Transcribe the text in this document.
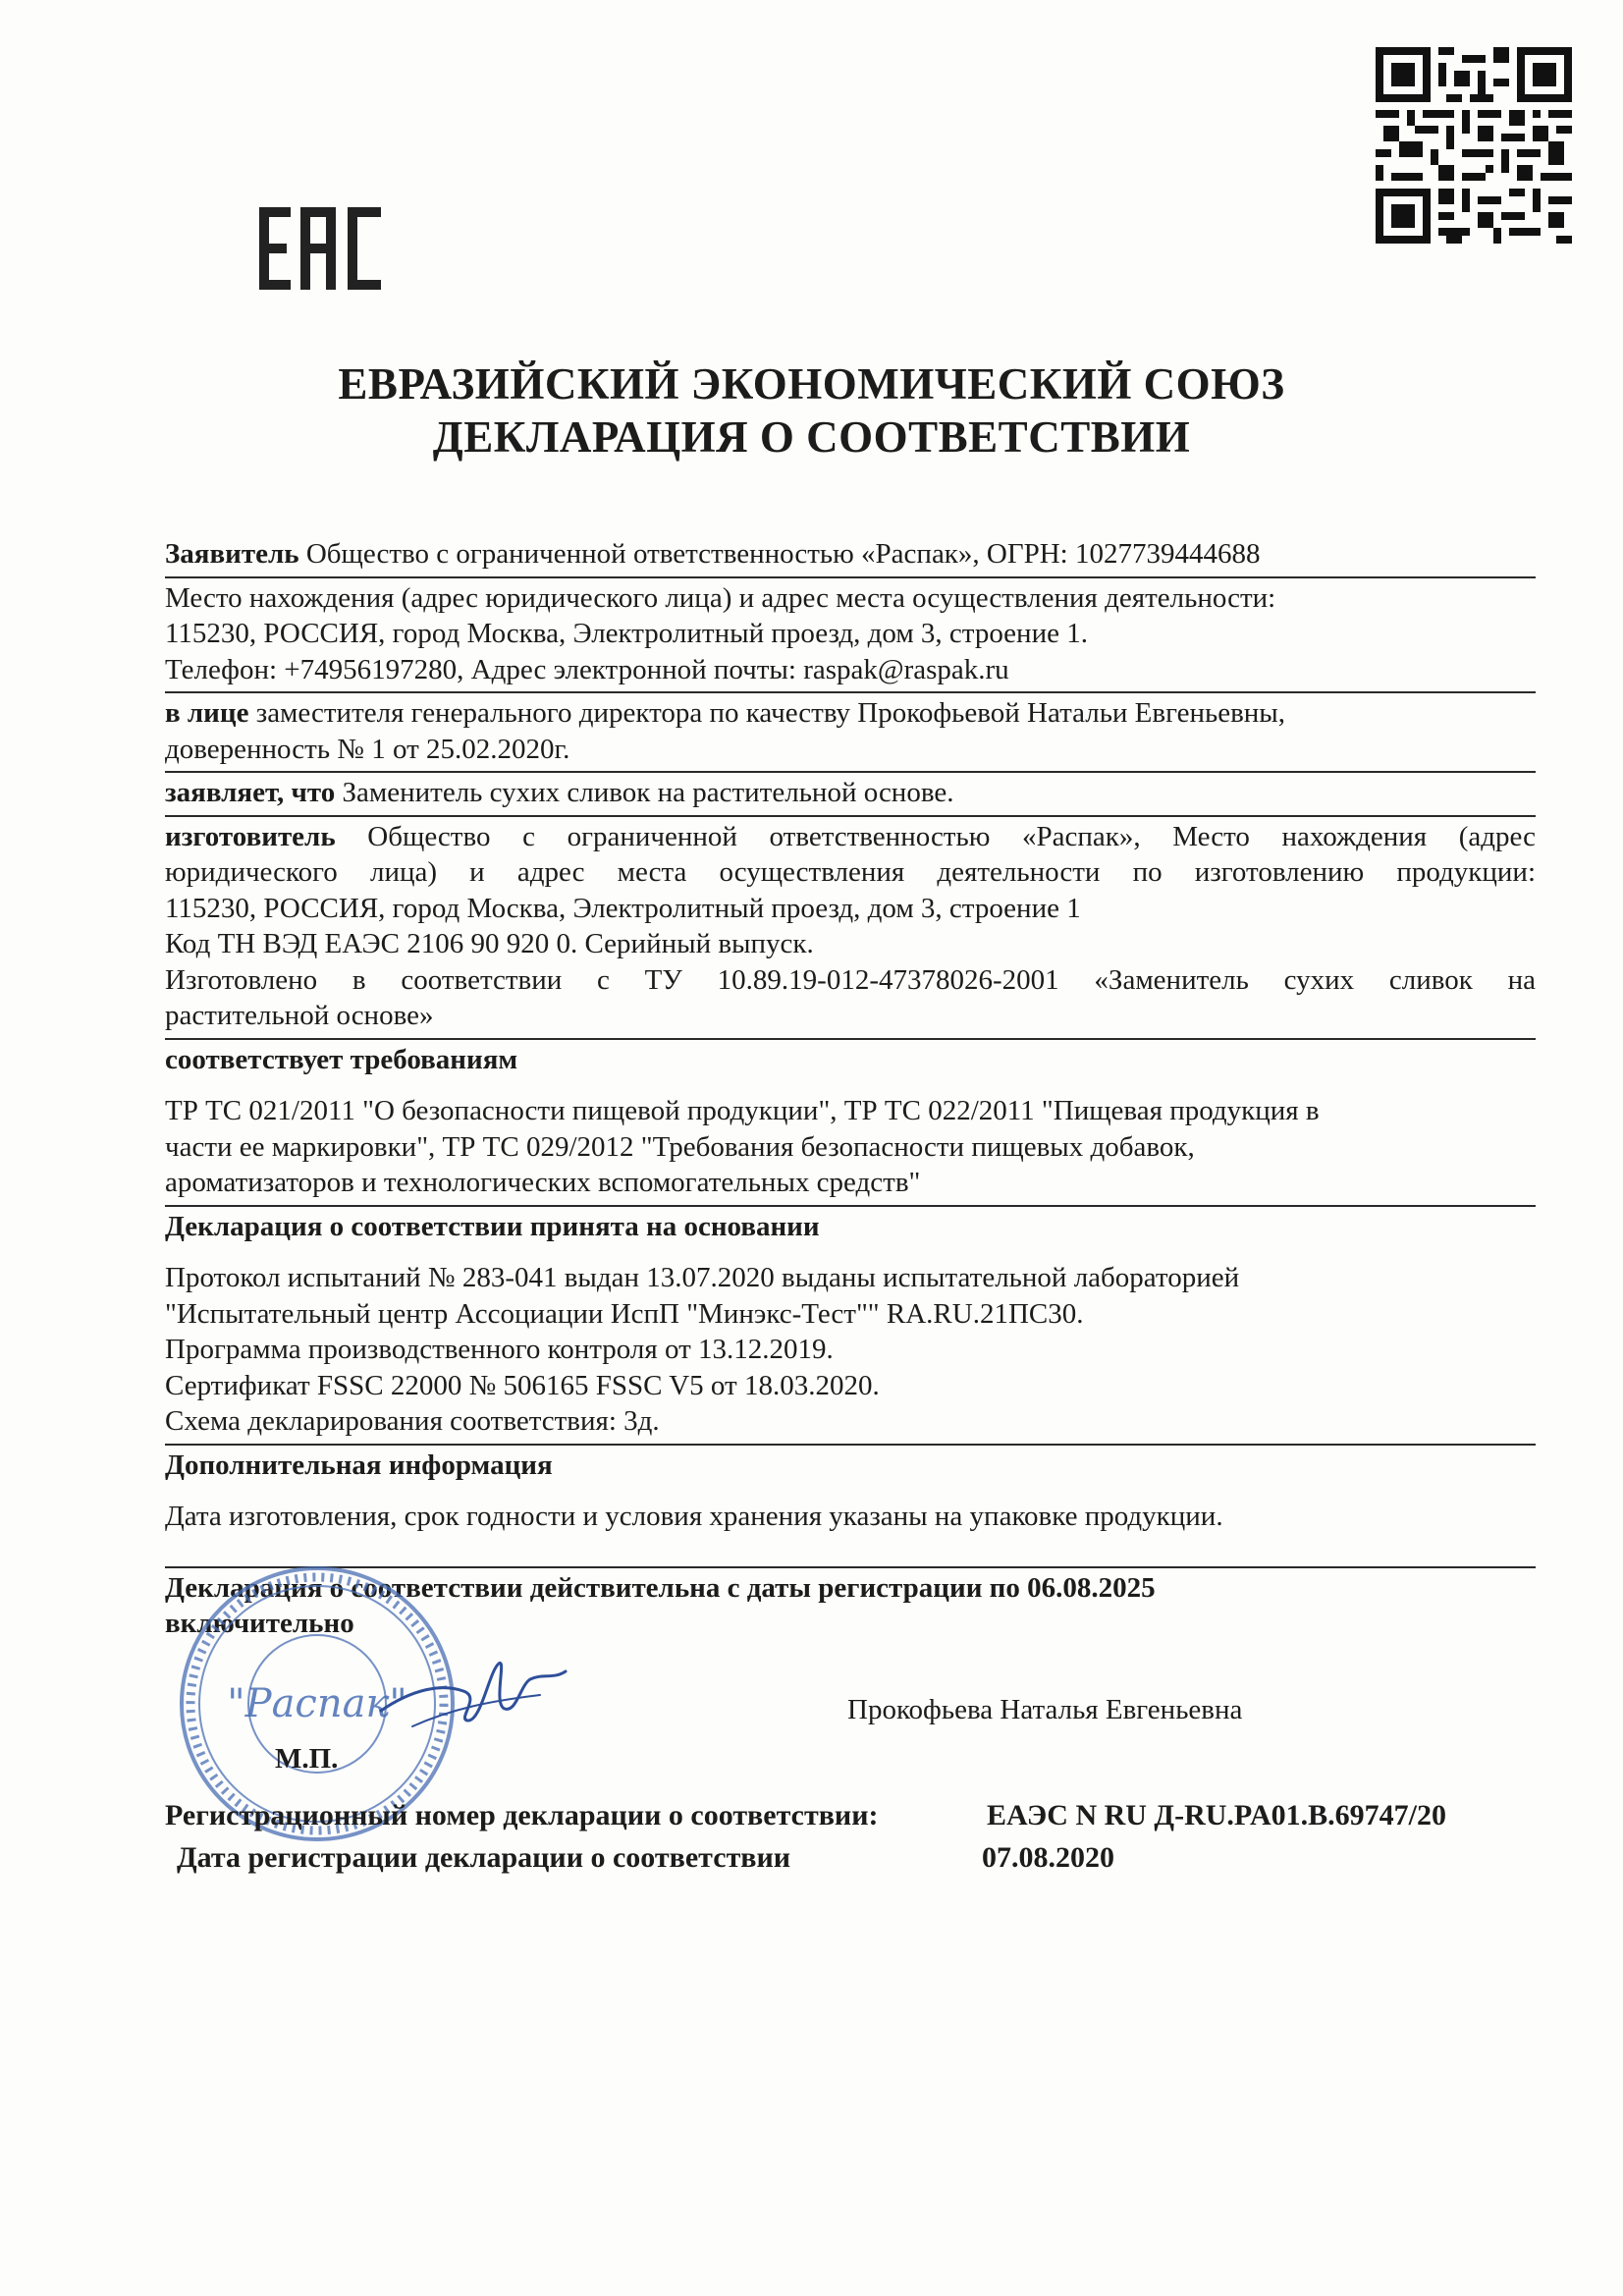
ЕВРАЗИЙСКИЙ ЭКОНОМИЧЕСКИЙ СОЮЗ
ДЕКЛАРАЦИЯ О СООТВЕТСТВИИ
Заявитель Общество с ограниченной ответственностью «Распак», ОГРН: 1027739444688
Место нахождения (адрес юридического лица) и адрес места осуществления деятельности:
115230, РОССИЯ, город Москва, Электролитный проезд, дом 3, строение 1.
Телефон: +74956197280, Адрес электронной почты: raspak@raspak.ru
в лице заместителя генерального директора по качеству Прокофьевой Натальи Евгеньевны,
доверенность № 1 от 25.02.2020г.
заявляет, что Заменитель сухих сливок на растительной основе.
изготовитель Общество с ограниченной ответственностью «Распак», Место нахождения (адрес
юридического лица) и адрес места осуществления деятельности по изготовлению продукции:
115230, РОССИЯ, город Москва, Электролитный проезд, дом 3, строение 1
Код ТН ВЭД ЕАЭС 2106 90 920 0. Серийный выпуск.
Изготовлено в соответствии с ТУ 10.89.19-012-47378026-2001 «Заменитель сухих сливок на
растительной основе»
соответствует требованиям
ТР ТС 021/2011 "О безопасности пищевой продукции", ТР ТС 022/2011 "Пищевая продукция в
части ее маркировки", ТР ТС 029/2012 "Требования безопасности пищевых добавок,
ароматизаторов и технологических вспомогательных средств"
Декларация о соответствии принята на основании
Протокол испытаний № 283-041 выдан 13.07.2020 выданы испытательной лабораторией
"Испытательный центр Ассоциации ИспП "Минэкс-Тест"" RA.RU.21ПС30.
Программа производственного контроля от 13.12.2019.
Сертификат FSSC 22000 № 506165 FSSC V5 от 18.03.2020.
Схема декларирования соответствия: 3д.
Дополнительная информация
Дата изготовления, срок годности и условия хранения указаны на упаковке продукции.
Декларация о соответствии действительна с даты регистрации по 06.08.2025
включительно
"Распак"	Прокофьева Наталья Евгеньевна
М.П.
Регистрационный номер декларации о соответствии:	ЕАЭС N RU Д-RU.PA01.B.69747/20
Дата регистрации декларации о соответствии	07.08.2020
